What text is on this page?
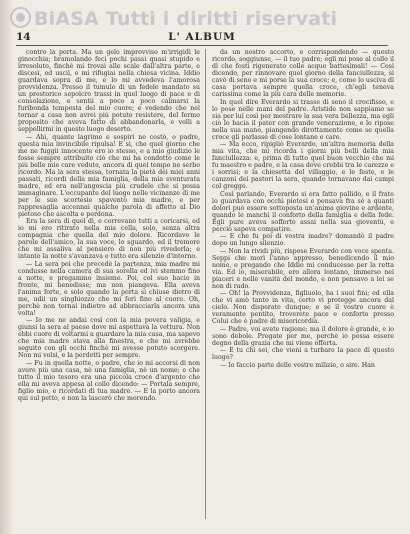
BiASA Tutti i diritti riservati
14	L' ALBUM

contro la porta. Ma un gelo improvviso m'irrigidì le ginocchia; bramolando feci pochi passi quasi stupido e irresoluto, finchè mi trovai alle scale dall'altra parte, e discesi, ed uscii, e mi rifugiai nella chiesa vicina. Iddio guardava sopra di me, e lo mi avvedeva l'amorosa provvidenza. Presso il tumulo di un fedele mandato su un prestorico sepolcro trassi in quel luogo di pace e di consolazione, e sentii a poco a poco calmarsi la furibonda tempesta del mio cuore; e vedendo che nel tornar a casa non avrei più potuto resistere, del fermo proposito che aveva fatto di abbandonarla, e volli a seppellirmi in questo luogo deserto.

— Ahi, quante lagrime e sospiri ne costò, o padre, questa mia invincibile ripulsa! E sì, che quel giorno che me ne fuggii innocente ero io stesso, e a mio giudizio le fosse sempre attribuito ciò che mi ha condotto come le più belle mie care vedute, ancora di quel tempo ne serbo ricordo. Ma la sera stessa, tornata la pietà dei miei anni passati, ricordi della mia famiglia, della mia sventurata madre, ed era nell'angoscia più crudele che si possa immaginare. L'occupante del luogo nelle vicinanze di me per le sue scortesie spaventò mia madre, e per rappresaglia accennai qualche parola di affetto al Dio pietoso che ascolta e perdona.

Era la sera di quel dì, e correvano tutti a coricarsi, ed io mi ero ritirato nella mia cella, solo, senza altra compagnia che quella del mio dolore. Ricordavo le parole dell'amico, la sua voce, lo sguardo, ed il tremore che mi assaliva al pensiero di non più rivederla; e intanto la notte s'avanzava e tutto era silenzio d'intorno.

— La sera poi che precedè la partenza, mia madre mi condusse nella camera di sua sorella ed ivi stemmo fino a notte, e pregammo insieme. Poi, col suo bacio in fronte, mi benedisse; ma non piangeva. Ella aveva l'anima forte, e solo quando la porta si chiuse dietro di me, udii un singhiozzo che mi ferì fino al cuore. Oh, perchè non tornai indietro ad abbracciarla ancora una volta!

— Io me ne andai così con la mia povera valigia, e giunsi la sera al paese dove mi aspettava la vettura. Non ebbi cuore di voltarmi a guardare la mia casa, ma sapevo che mia madre stava alla finestra, e che mi avrebbe seguito con gli occhi finchè mi avesse potuto scorgere. Non mi volsi, e la perdetti per sempre.

— Fu in quella notte, o padre, che io mi accorsi di non avere più una casa, nè una famiglia, nè un nome; e che tutto il mio tesoro era una piccola croce d'argento che ella mi aveva appesa al collo dicendo: — Portala sempre, figlio mio, e ricordati di tua madre. — E la porto ancora qui sul petto, e non la lascerò che morendo.

da un nostro accorto, e corrispondendo — questo ricordo, soggiunse, — il tuo padre; egli mi pose al collo il dì che fosti rigenerato colle acque battesimali! — Così dicendo, per rinnovare quel giorno della fanciullezza, si cavò di seno e mi porse la sua croce; e, come lo usciva di casa portava sempre quella croce, ch'egli teneva carissima come la più cara delle memorie.

In quel dire Everardo si trasse di seno il crocifisso, e lo pose nelle mani del padre. Aristide non sappiamo se sia per lui così per mostrare la sua vera bellezza, ma egli ciò lo bacia il pater con grande venerazione, e lo ripose nella sua mano, piangendo dirottamente come se quella croce gli parlasse di cose lontane e care.

— Ma ecco, ripigliò Everardo, un'altra memoria della mia vita, che mi ricorda i giorni più belli della mia fanciullezza: e, prima di tutto quel buon vecchio che mi fu maestro e padre, e la casa dove crebbi tra le carezze e i sorrisi; e la chiesetta del villaggio, e le feste, e le canzoni dei pastori la sera, quando tornavano dai campi col gregge.

Così parlando, Everardo si era fatto pallido, e il frate lo guardava con occhi pietosi e pensava fra sè a quanti dolori può essere sottoposta un'anima giovine e ardente, quando le manchi il conforto della famiglia e della fede. Egli pure aveva sofferto assai nella sua gioventù, e perciò sapeva compatire.

— E che fu poi di vostra madre? domandò il padre dopo un lungo silenzio.

— Non la rividi più, rispose Everardo con voce spenta. Seppi che morì l'anno appresso, benedicendo il mio nome, e pregando che Iddio mi conducesse per la retta via. Ed io, miserabile, ero allora lontano, immerso nei piaceri e nelle vanità del mondo, e non pensavo a lei se non di rado.

— Oh! la Provvidenza, figliuolo, ha i suoi fini; ed ella che vi amò tanto in vita, certo vi protegge ancora dal cielo. Non disperate dunque; e se il vostro cuore è veramente pentito, troverete pace e conforto presso Colui che è padre di misericordia.

— Padre, voi avete ragione; ma il dolore è grande, e io sono debole. Pregate per me, perchè io possa essere degno della grazia che mi viene offerta.

— E tu chi sei, che vieni a turbare la pace di questo luogo?

— Io faccio parte delle vostre milizie, o sire. Han
